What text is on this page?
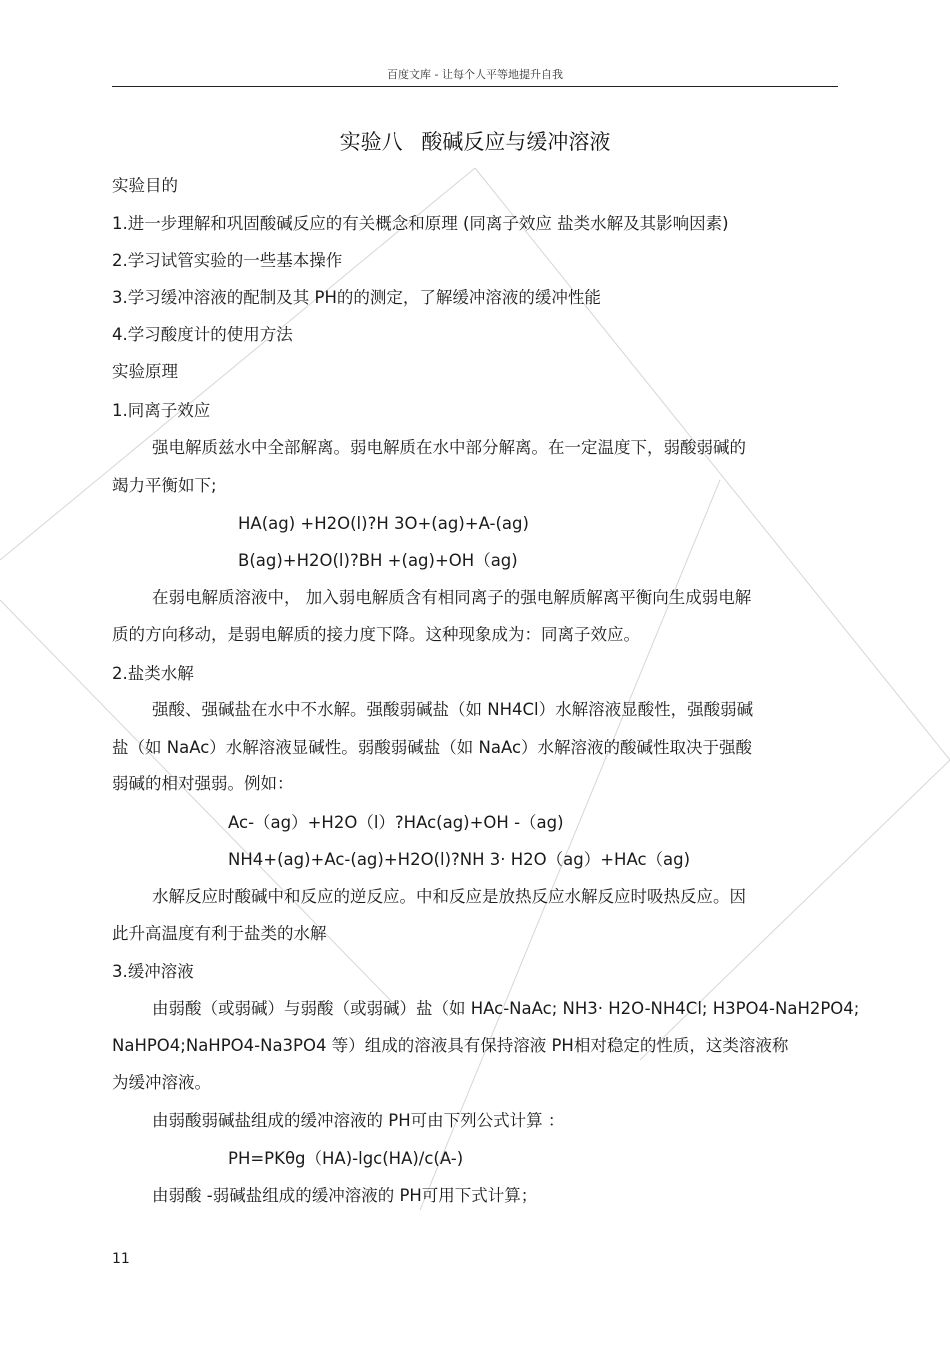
百度文库 - 让每个人平等地提升自我
实验八 酸碱反应与缓冲溶液
实验目的
1.进一步理解和巩固酸碱反应的有关概念和原理 (同离子效应 盐类水解及其影响因素)
2.学习试管实验的一些基本操作
3.学习缓冲溶液的配制及其 PH的的测定，了解缓冲溶液的缓冲性能
4.学习酸度计的使用方法
实验原理
1.同离子效应
强电解质兹水中全部解离。弱电解质在水中部分解离。在一定温度下，弱酸弱碱的
竭力平衡如下;
HA(ag) +H2O(l)?H 3O+(ag)+A-(ag)
B(ag)+H2O(l)?BH +(ag)+OH（ag)
在弱电解质溶液中， 加入弱电解质含有相同离子的强电解质解离平衡向生成弱电解
质的方向移动，是弱电解质的接力度下降。这种现象成为：同离子效应。
2.盐类水解
强酸、强碱盐在水中不水解。强酸弱碱盐（如 NH4Cl）水解溶液显酸性，强酸弱碱
盐（如 NaAc）水解溶液显碱性。弱酸弱碱盐（如 NaAc）水解溶液的酸碱性取决于强酸
弱碱的相对强弱。例如：
Ac-（ag）+H2O（l）?HAc(ag)+OH -（ag)
NH4+(ag)+Ac-(ag)+H2O(l)?NH 3· H2O（ag）+HAc（ag)
水解反应时酸碱中和反应的逆反应。中和反应是放热反应水解反应时吸热反应。因
此升高温度有利于盐类的水解
3.缓冲溶液
由弱酸（或弱碱）与弱酸（或弱碱）盐（如 HAc-NaAc; NH3· H2O-NH4Cl; H3PO4-NaH2PO4;
NaHPO4;NaHPO4-Na3PO4 等）组成的溶液具有保持溶液 PH相对稳定的性质，这类溶液称
为缓冲溶液。
由弱酸弱碱盐组成的缓冲溶液的 PH可由下列公式计算 ：
PH=PKθg（HA)-lgc(HA)/c(A-)
由弱酸 -弱碱盐组成的缓冲溶液的 PH可用下式计算；
11
